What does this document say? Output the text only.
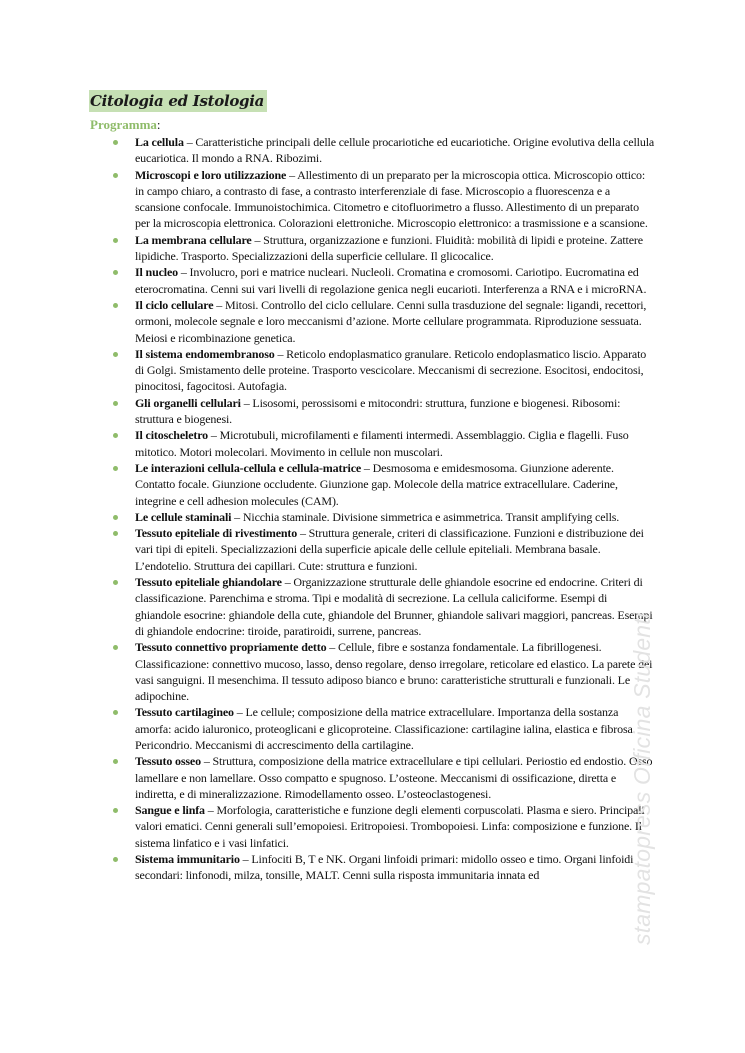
Citologia ed Istologia
Programma:
La cellula – Caratteristiche principali delle cellule procariotiche ed eucariotiche. Origine evolutiva della cellula eucariotica. Il mondo a RNA. Ribozimi.
Microscopi e loro utilizzazione – Allestimento di un preparato per la microscopia ottica. Microscopio ottico: in campo chiaro, a contrasto di fase, a contrasto interferenziale di fase. Microscopio a fluorescenza e a scansione confocale. Immunoistochimica. Citometro e citofluorimetro a flusso. Allestimento di un preparato per la microscopia elettronica. Colorazioni elettroniche. Microscopio elettronico: a trasmissione e a scansione.
La membrana cellulare – Struttura, organizzazione e funzioni. Fluidità: mobilità di lipidi e proteine. Zattere lipidiche. Trasporto. Specializzazioni della superficie cellulare. Il glicocalice.
Il nucleo – Involucro, pori e matrice nucleari. Nucleoli. Cromatina e cromosomi. Cariotipo. Eucromatina ed eterocromatina. Cenni sui vari livelli di regolazione genica negli eucarioti. Interferenza a RNA e i microRNA.
Il ciclo cellulare – Mitosi. Controllo del ciclo cellulare. Cenni sulla trasduzione del segnale: ligandi, recettori, ormoni, molecole segnale e loro meccanismi d’azione. Morte cellulare programmata. Riproduzione sessuata. Meiosi e ricombinazione genetica.
Il sistema endomembranoso – Reticolo endoplasmatico granulare. Reticolo endoplasmatico liscio. Apparato di Golgi. Smistamento delle proteine. Trasporto vescicolare. Meccanismi di secrezione. Esocitosi, endocitosi, pinocitosi, fagocitosi. Autofagia.
Gli organelli cellulari – Lisosomi, perossisomi e mitocondri: struttura, funzione e biogenesi. Ribosomi: struttura e biogenesi.
Il citoscheletro – Microtubuli, microfilamenti e filamenti intermedi. Assemblaggio. Ciglia e flagelli. Fuso mitotico. Motori molecolari. Movimento in cellule non muscolari.
Le interazioni cellula-cellula e cellula-matrice – Desmosoma e emidesmosoma. Giunzione aderente. Contatto focale. Giunzione occludente. Giunzione gap. Molecole della matrice extracellulare. Caderine, integrine e cell adhesion molecules (CAM).
Le cellule staminali – Nicchia staminale. Divisione simmetrica e asimmetrica. Transit amplifying cells.
Tessuto epiteliale di rivestimento – Struttura generale, criteri di classificazione. Funzioni e distribuzione dei vari tipi di epiteli. Specializzazioni della superficie apicale delle cellule epiteliali. Membrana basale. L’endotelio. Struttura dei capillari. Cute: struttura e funzioni.
Tessuto epiteliale ghiandolare – Organizzazione strutturale delle ghiandole esocrine ed endocrine. Criteri di classificazione. Parenchima e stroma. Tipi e modalità di secrezione. La cellula caliciforme. Esempi di ghiandole esocrine: ghiandole della cute, ghiandole del Brunner, ghiandole salivari maggiori, pancreas. Esempi di ghiandole endocrine: tiroide, paratiroidi, surrene, pancreas.
Tessuto connettivo propriamente detto – Cellule, fibre e sostanza fondamentale. La fibrillogenesi. Classificazione: connettivo mucoso, lasso, denso regolare, denso irregolare, reticolare ed elastico. La parete dei vasi sanguigni. Il mesenchima. Il tessuto adiposo bianco e bruno: caratteristiche strutturali e funzionali. Le adipochine.
Tessuto cartilagineo – Le cellule; composizione della matrice extracellulare. Importanza della sostanza amorfa: acido ialuronico, proteoglicani e glicoproteine. Classificazione: cartilagine ialina, elastica e fibrosa. Pericondrio. Meccanismi di accrescimento della cartilagine.
Tessuto osseo – Struttura, composizione della matrice extracellulare e tipi cellulari. Periostio ed endostio. Osso lamellare e non lamellare. Osso compatto e spugnoso. L’osteone. Meccanismi di ossificazione, diretta e indiretta, e di mineralizzazione. Rimodellamento osseo. L’osteoclastogenesi.
Sangue e linfa – Morfologia, caratteristiche e funzione degli elementi corpuscolati. Plasma e siero. Principali valori ematici. Cenni generali sull’emopoiesi. Eritropoiesi. Trombopoiesi. Linfa: composizione e funzione. Il sistema linfatico e i vasi linfatici.
Sistema immunitario – Linfociti B, T e NK. Organi linfoidi primari: midollo osseo e timo. Organi linfoidi secondari: linfonodi, milza, tonsille, MALT. Cenni sulla risposta immunitaria innata ed	stampatopress Officina Studenti
